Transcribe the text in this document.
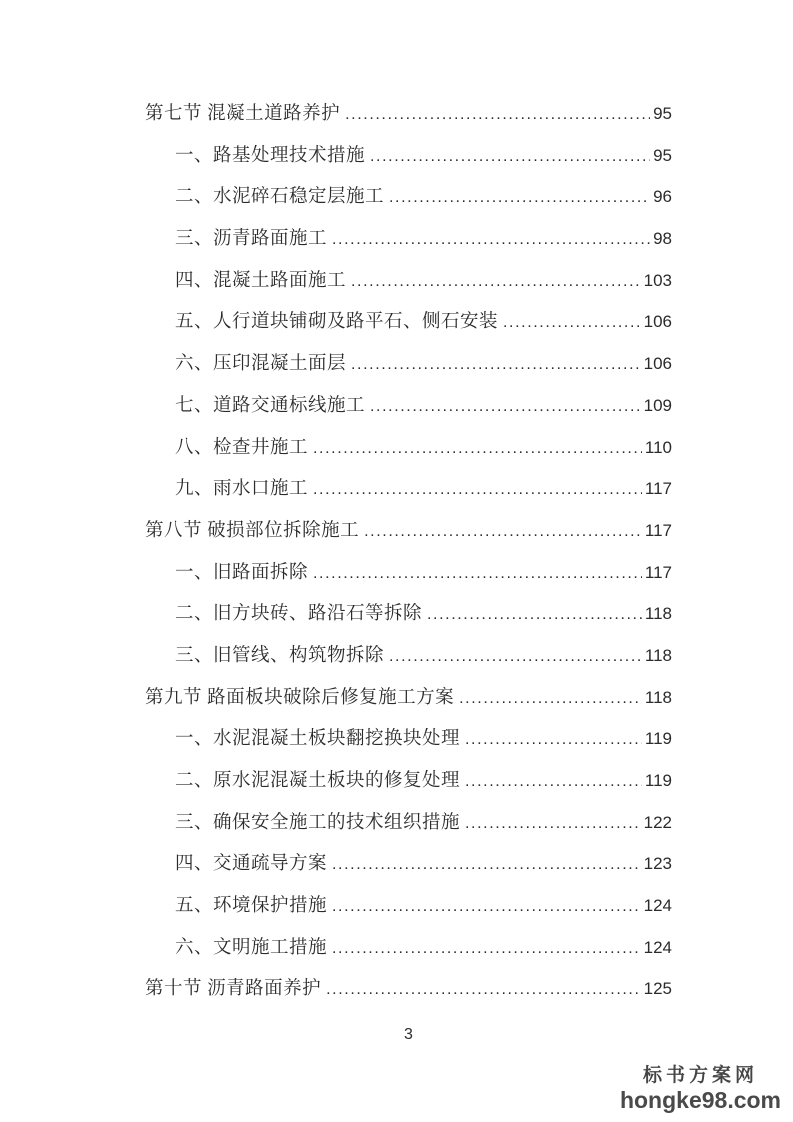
第七节 混凝土道路养护 .....	95
一、路基处理技术措施 .....	95
二、水泥碎石稳定层施工 .....	96
三、沥青路面施工 .....	98
四、混凝土路面施工 .....	103
五、人行道块铺砌及路平石、侧石安装 .....	106
六、压印混凝土面层 .....	106
七、道路交通标线施工 .....	109
八、检查井施工 .....	110
九、雨水口施工 .....	117
第八节 破损部位拆除施工 .....	117
一、旧路面拆除 .....	117
二、旧方块砖、路沿石等拆除 .....	118
三、旧管线、构筑物拆除 .....	118
第九节 路面板块破除后修复施工方案 .....	118
一、水泥混凝土板块翻挖换块处理 .....	119
二、原水泥混凝土板块的修复处理 .....	119
三、确保安全施工的技术组织措施 .....	122
四、交通疏导方案 .....	123
五、环境保护措施 .....	124
六、文明施工措施 .....	124
第十节 沥青路面养护 .....	125
3
标书方案网
hongke98.com
